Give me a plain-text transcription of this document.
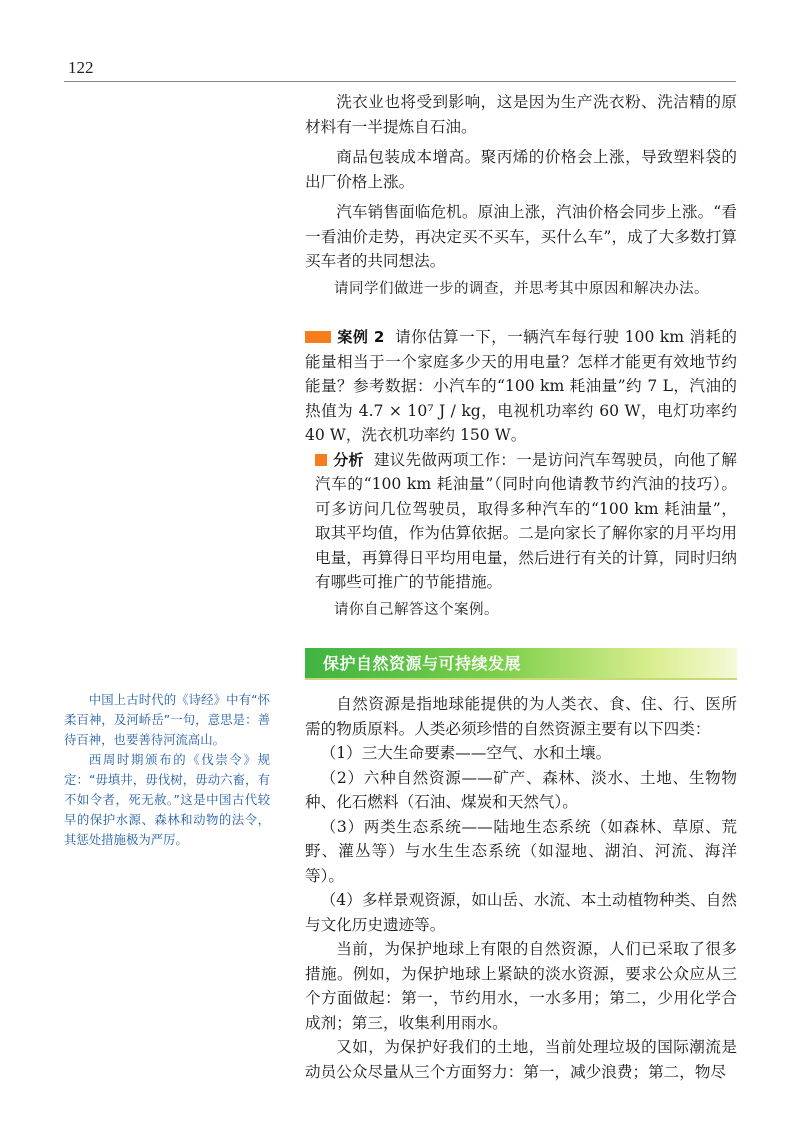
122

洗衣业也将受到影响，这是因为生产洗衣粉、洗洁精的原材料有一半提炼自石油。

商品包装成本增高。聚丙烯的价格会上涨，导致塑料袋的出厂价格上涨。

汽车销售面临危机。原油上涨，汽油价格会同步上涨。“看一看油价走势，再决定买不买车，买什么车”，成了大多数打算买车者的共同想法。

请同学们做进一步的调查，并思考其中原因和解决办法。

案例 2 请你估算一下，一辆汽车每行驶 100 km 消耗的能量相当于一个家庭多少天的用电量？怎样才能更有效地节约能量？参考数据：小汽车的“100 km 耗油量”约 7 L，汽油的热值为 4.7 × 10⁷ J / kg，电视机功率约 60 W，电灯功率约 40 W，洗衣机功率约 150 W。

分析 建议先做两项工作：一是访问汽车驾驶员，向他了解汽车的“100 km 耗油量”（同时向他请教节约汽油的技巧）。可多访问几位驾驶员，取得多种汽车的“100 km 耗油量”，取其平均值，作为估算依据。二是向家长了解你家的月平均用电量，再算得日平均用电量，然后进行有关的计算，同时归纳有哪些可推广的节能措施。

请你自己解答这个案例。

保护自然资源与可持续发展

自然资源是指地球能提供的为人类衣、食、住、行、医所需的物质原料。人类必须珍惜的自然资源主要有以下四类：

（1）三大生命要素——空气、水和土壤。

（2）六种自然资源——矿产、森林、淡水、土地、生物物种、化石燃料（石油、煤炭和天然气）。

（3）两类生态系统——陆地生态系统（如森林、草原、荒野、灌丛等）与水生生态系统（如湿地、湖泊、河流、海洋等）。

（4）多样景观资源，如山岳、水流、本土动植物种类、自然与文化历史遗迹等。

当前，为保护地球上有限的自然资源，人们已采取了很多措施。例如，为保护地球上紧缺的淡水资源，要求公众应从三个方面做起：第一，节约用水，一水多用；第二，少用化学合成剂；第三，收集利用雨水。

又如，为保护好我们的土地，当前处理垃圾的国际潮流是动员公众尽量从三个方面努力：第一，减少浪费；第二，物尽

中国上古时代的《诗经》中有“怀柔百神，及河峤岳”一句，意思是：善待百神，也要善待河流高山。

西周时期颁布的《伐崇令》规定：“毋填井，毋伐树，毋动六畜，有不如令者，死无赦。”这是中国古代较早的保护水源、森林和动物的法令，其惩处措施极为严厉。
